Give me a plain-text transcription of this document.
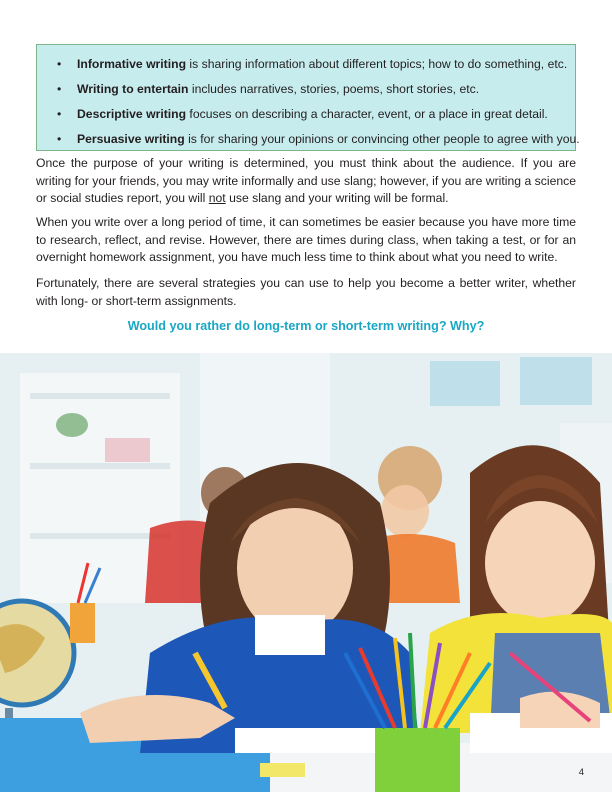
• Informative writing is sharing information about different topics; how to do something, etc.
• Writing to entertain includes narratives, stories, poems, short stories, etc.
• Descriptive writing focuses on describing a character, event, or a place in great detail.
• Persuasive writing is for sharing your opinions or convincing other people to agree with you.

Once the purpose of your writing is determined, you must think about the audience. If you are writing for your friends, you may write informally and use slang; however, if you are writing a science or social studies report, you will not use slang and your writing will be formal.

When you write over a long period of time, it can sometimes be easier because you have more time to research, reflect, and revise. However, there are times during class, when taking a test, or for an overnight homework assignment, you have much less time to think about what you need to write.

Fortunately, there are several strategies you can use to help you become a better writer, whether with long- or short-term assignments.

Would you rather do long-term or short-term writing? Why?
4
